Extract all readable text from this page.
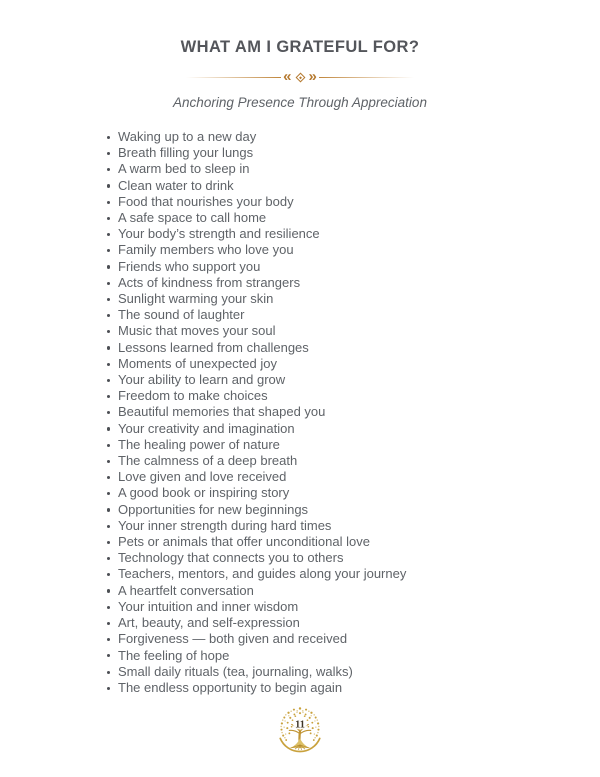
WHAT AM I GRATEFUL FOR?
« »

Anchoring Presence Through Appreciation

Waking up to a new day
Breath filling your lungs
A warm bed to sleep in
Clean water to drink
Food that nourishes your body
A safe space to call home
Your body’s strength and resilience
Family members who love you
Friends who support you
Acts of kindness from strangers
Sunlight warming your skin
The sound of laughter
Music that moves your soul
Lessons learned from challenges
Moments of unexpected joy
Your ability to learn and grow
Freedom to make choices
Beautiful memories that shaped you
Your creativity and imagination
The healing power of nature
The calmness of a deep breath
Love given and love received
A good book or inspiring story
Opportunities for new beginnings
Your inner strength during hard times
Pets or animals that offer unconditional love
Technology that connects you to others
Teachers, mentors, and guides along your journey
A heartfelt conversation
Your intuition and inner wisdom
Art, beauty, and self-expression
Forgiveness — both given and received
The feeling of hope
Small daily rituals (tea, journaling, walks)
The endless opportunity to begin again
11
